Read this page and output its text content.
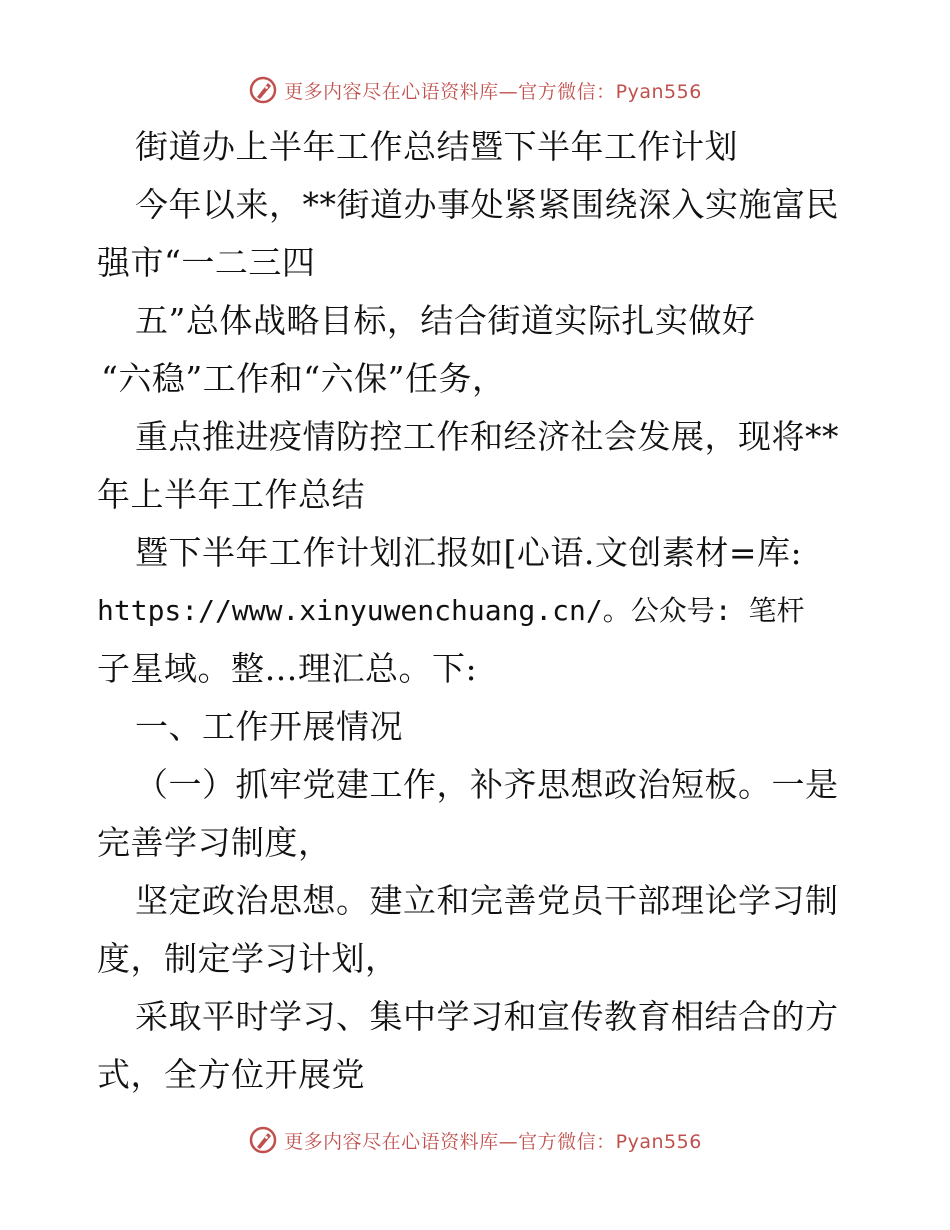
更多内容尽在心语资料库—官方微信：Pyan556
街道办上半年工作总结暨下半年工作计划
今年以来，**街道办事处紧紧围绕深入实施富民
强市“一二三四
五”总体战略目标，结合街道实际扎实做好
“六稳”工作和“六保”任务，
重点推进疫情防控工作和经济社会发展，现将**
年上半年工作总结
暨下半年工作计划汇报如[心语.文创素材=库:
https://www.xinyuwenchuang.cn/。公众号: 笔杆
子星域。整…理汇总。下:
一、工作开展情况
（一）抓牢党建工作，补齐思想政治短板。一是
完善学习制度，
坚定政治思想。建立和完善党员干部理论学习制
度，制定学习计划，
采取平时学习、集中学习和宣传教育相结合的方
式，全方位开展党
更多内容尽在心语资料库—官方微信：Pyan556
